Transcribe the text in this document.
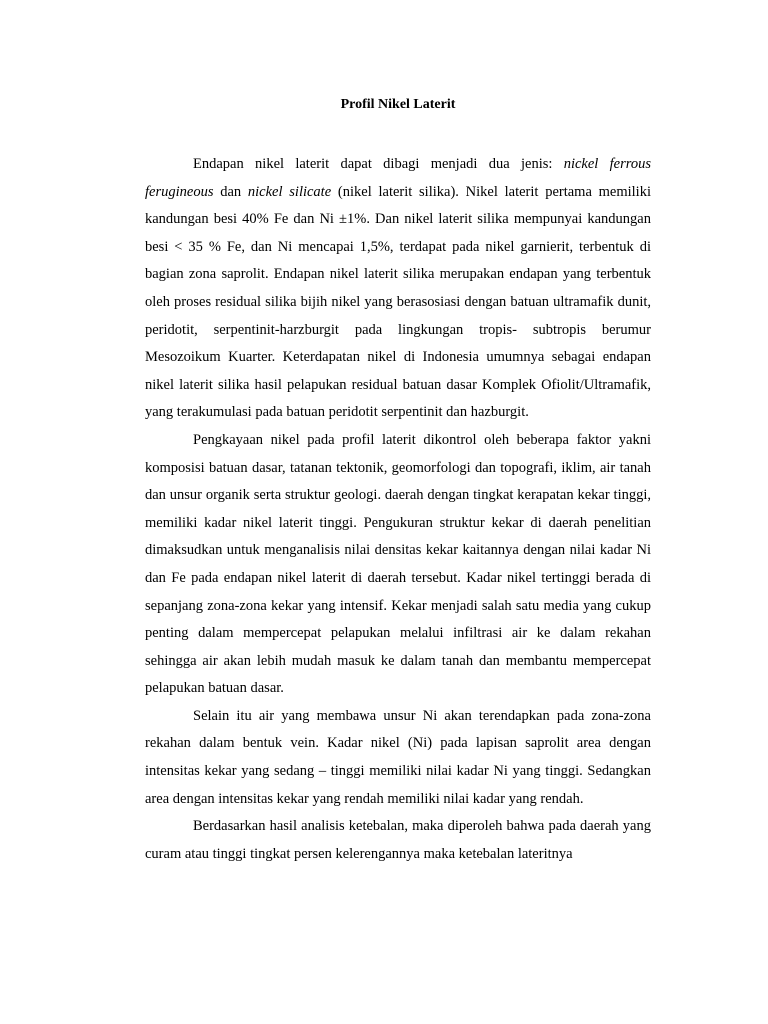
Profil Nikel Laterit

Endapan nikel laterit dapat dibagi menjadi dua jenis: nickel ferrous ferugineous dan nickel silicate (nikel laterit silika). Nikel laterit pertama memiliki kandungan besi 40% Fe dan Ni ±1%. Dan nikel laterit silika mempunyai kandungan besi < 35 % Fe, dan Ni mencapai 1,5%, terdapat pada nikel garnierit, terbentuk di bagian zona saprolit. Endapan nikel laterit silika merupakan endapan yang terbentuk oleh proses residual silika bijih nikel yang berasosiasi dengan batuan ultramafik dunit, peridotit, serpentinit-harzburgit pada lingkungan tropis- subtropis berumur Mesozoikum Kuarter. Keterdapatan nikel di Indonesia umumnya sebagai endapan nikel laterit silika hasil pelapukan residual batuan dasar Komplek Ofiolit/Ultramafik, yang terakumulasi pada batuan peridotit serpentinit dan hazburgit.

Pengkayaan nikel pada profil laterit dikontrol oleh beberapa faktor yakni komposisi batuan dasar, tatanan tektonik, geomorfologi dan topografi, iklim, air tanah dan unsur organik serta struktur geologi. daerah dengan tingkat kerapatan kekar tinggi, memiliki kadar nikel laterit tinggi. Pengukuran struktur kekar di daerah penelitian dimaksudkan untuk menganalisis nilai densitas kekar kaitannya dengan nilai kadar Ni dan Fe pada endapan nikel laterit di daerah tersebut. Kadar nikel tertinggi berada di sepanjang zona-zona kekar yang intensif. Kekar menjadi salah satu media yang cukup penting dalam mempercepat pelapukan melalui infiltrasi air ke dalam rekahan sehingga air akan lebih mudah masuk ke dalam tanah dan membantu mempercepat pelapukan batuan dasar.

Selain itu air yang membawa unsur Ni akan terendapkan pada zona-zona rekahan dalam bentuk vein. Kadar nikel (Ni) pada lapisan saprolit area dengan intensitas kekar yang sedang – tinggi memiliki nilai kadar Ni yang tinggi. Sedangkan area dengan intensitas kekar yang rendah memiliki nilai kadar yang rendah.

Berdasarkan hasil analisis ketebalan, maka diperoleh bahwa pada daerah yang curam atau tinggi tingkat persen kelerengannya maka ketebalan lateritnya
